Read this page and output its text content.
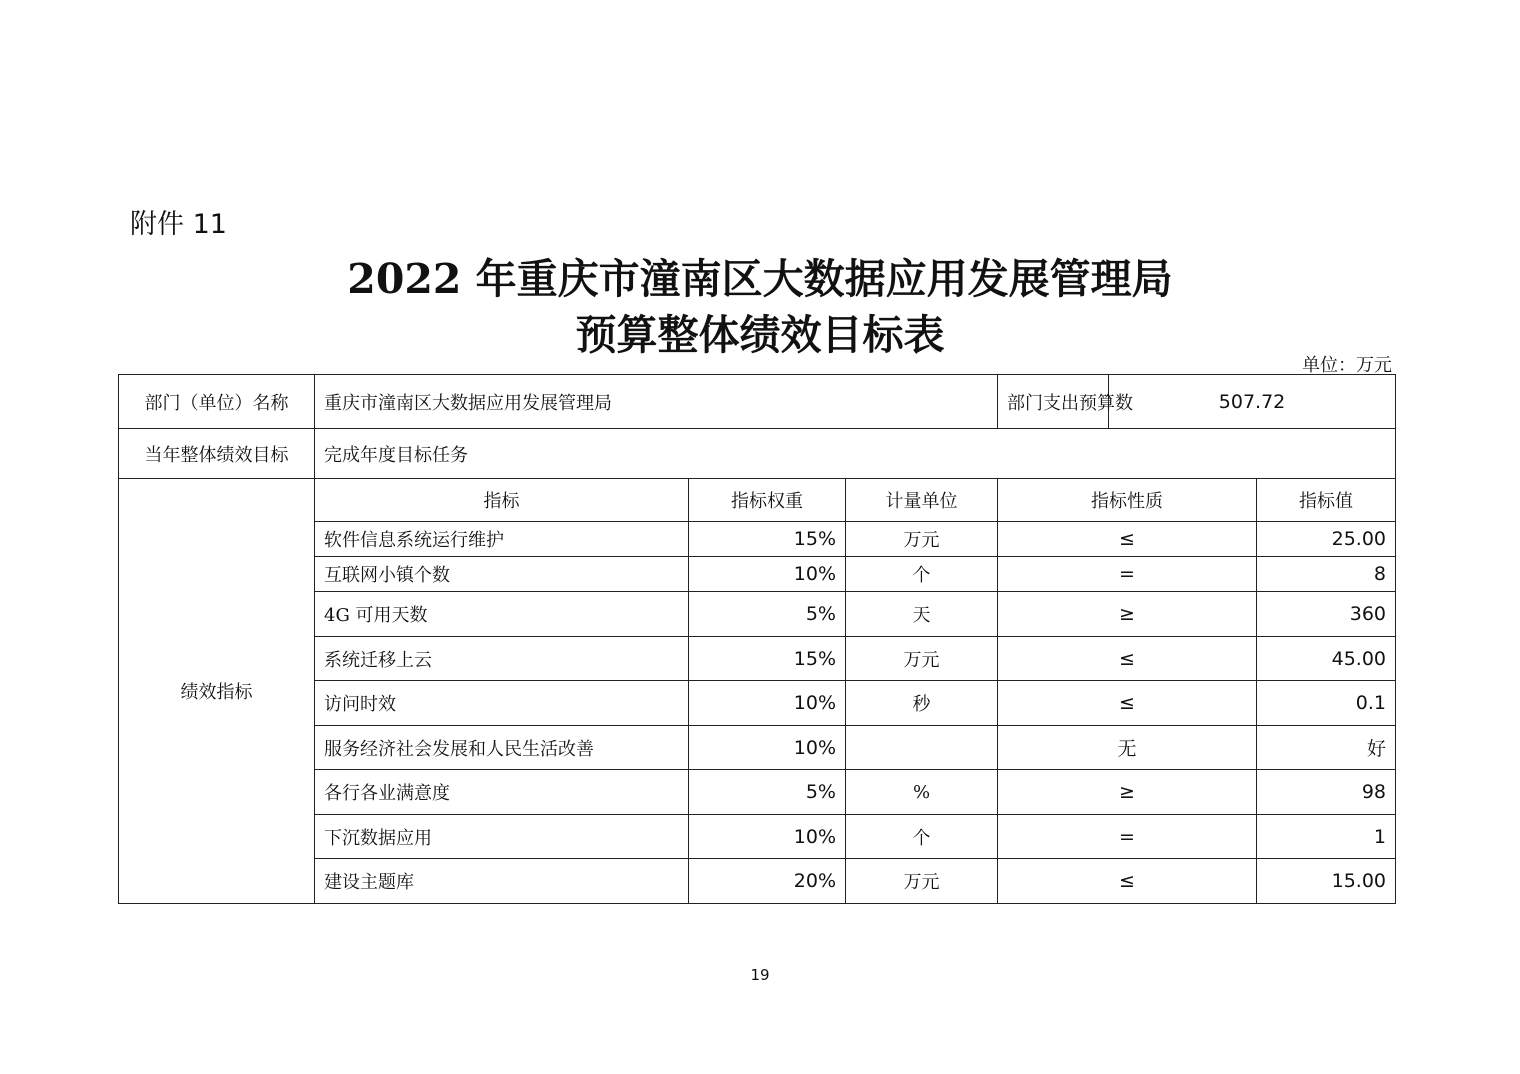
附件 11
2022 年重庆市潼南区大数据应用发展管理局
预算整体绩效目标表
单位：万元
部门（单位）名称	重庆市潼南区大数据应用发展管理局			部门支出预算数	507.72	
当年整体绩效目标	完成年度目标任务					
绩效指标	指标	指标权重	计量单位	指标性质		指标值
	软件信息系统运行维护	15%	万元	≤		25.00
	互联网小镇个数	10%	个	=		8
	4G 可用天数	5%	天	≥		360
	系统迁移上云	15%	万元	≤		45.00
	访问时效	10%	秒	≤		0.1
	服务经济社会发展和人民生活改善	10%		无		好
	各行各业满意度	5%	%	≥		98
	下沉数据应用	10%	个	=		1
	建设主题库	20%	万元	≤		15.00
19
